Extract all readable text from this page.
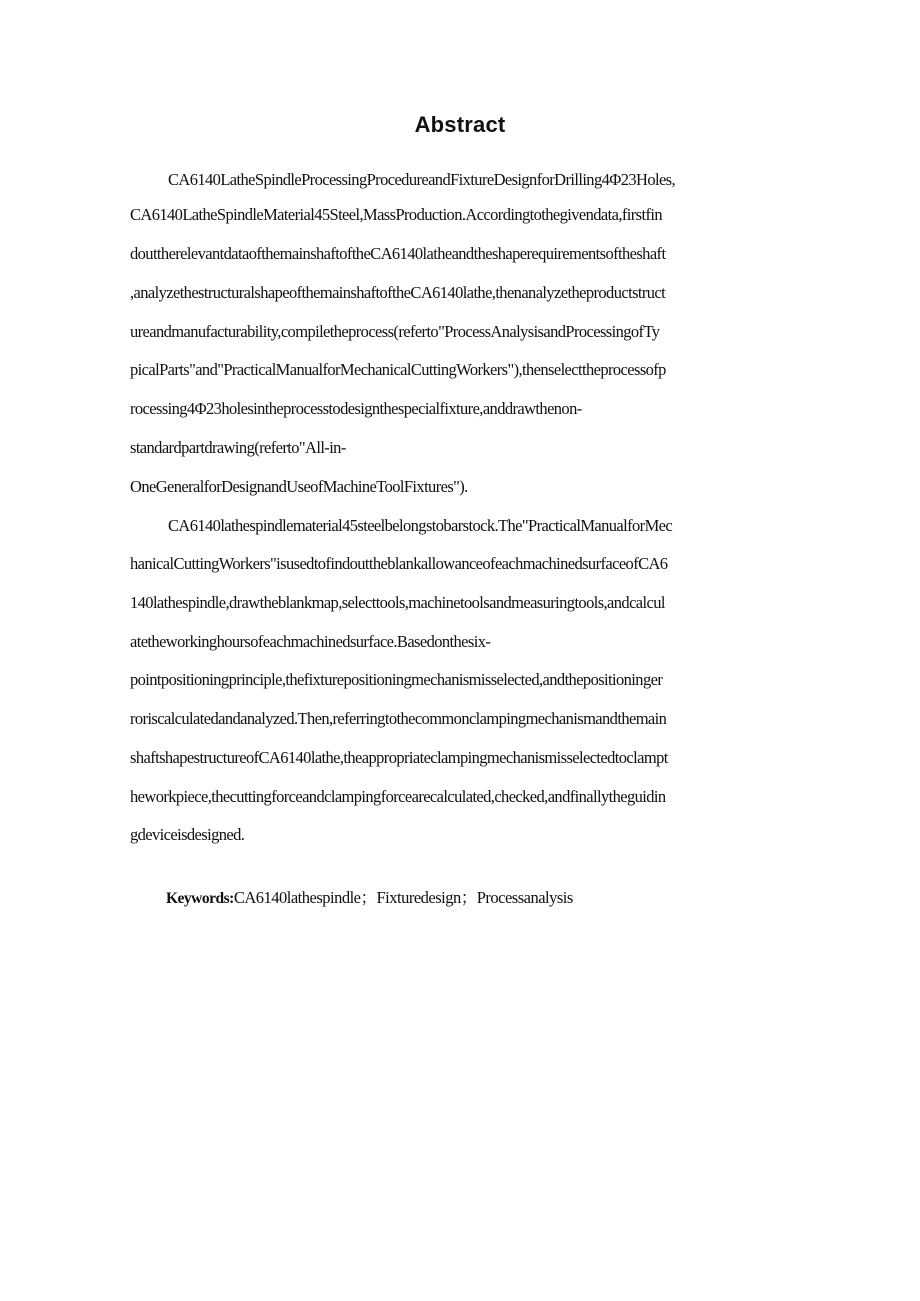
Abstract
CA6140LatheSpindleProcessingProcedureandFixtureDesignforDrilling4Φ23Holes,
CA6140LatheSpindleMaterial45Steel,MassProduction.Accordingtothegivendata,firstfin
douttherelevantdataofthemainshaftoftheCA6140latheandtheshaperequirementsoftheshaft
,analyzethestructuralshapeofthemainshaftoftheCA6140lathe,thenanalyzetheproductstruct
ureandmanufacturability,compiletheprocess(referto"ProcessAnalysisandProcessingofTy
picalParts"and"PracticalManualforMechanicalCuttingWorkers"),thenselecttheprocessofp
rocessing4Φ23holesintheprocesstodesignthespecialfixture,anddrawthenon-
standardpartdrawing(referto"All-in-
OneGeneralforDesignandUseofMachineToolFixtures").
CA6140lathespindlematerial45steelbelongstobarstock.The"PracticalManualforMec
hanicalCuttingWorkers"isusedtofindouttheblankallowanceofeachmachinedsurfaceofCA6
140lathespindle,drawtheblankmap,selecttools,machinetoolsandmeasuringtools,andcalcul
atetheworkinghoursofeachmachinedsurface.Basedonthesix-
pointpositioningprinciple,thefixturepositioningmechanismisselected,andthepositioninger
roriscalculatedandanalyzed.Then,referringtothecommonclampingmechanismandthemain
shaftshapestructureofCA6140lathe,theappropriateclampingmechanismisselectedtoclampt
heworkpiece,thecuttingforceandclampingforcearecalculated,checked,andfinallytheguidin
gdeviceisdesigned.
Keywords:CA6140lathespindle；Fixturedesign；Processanalysis
